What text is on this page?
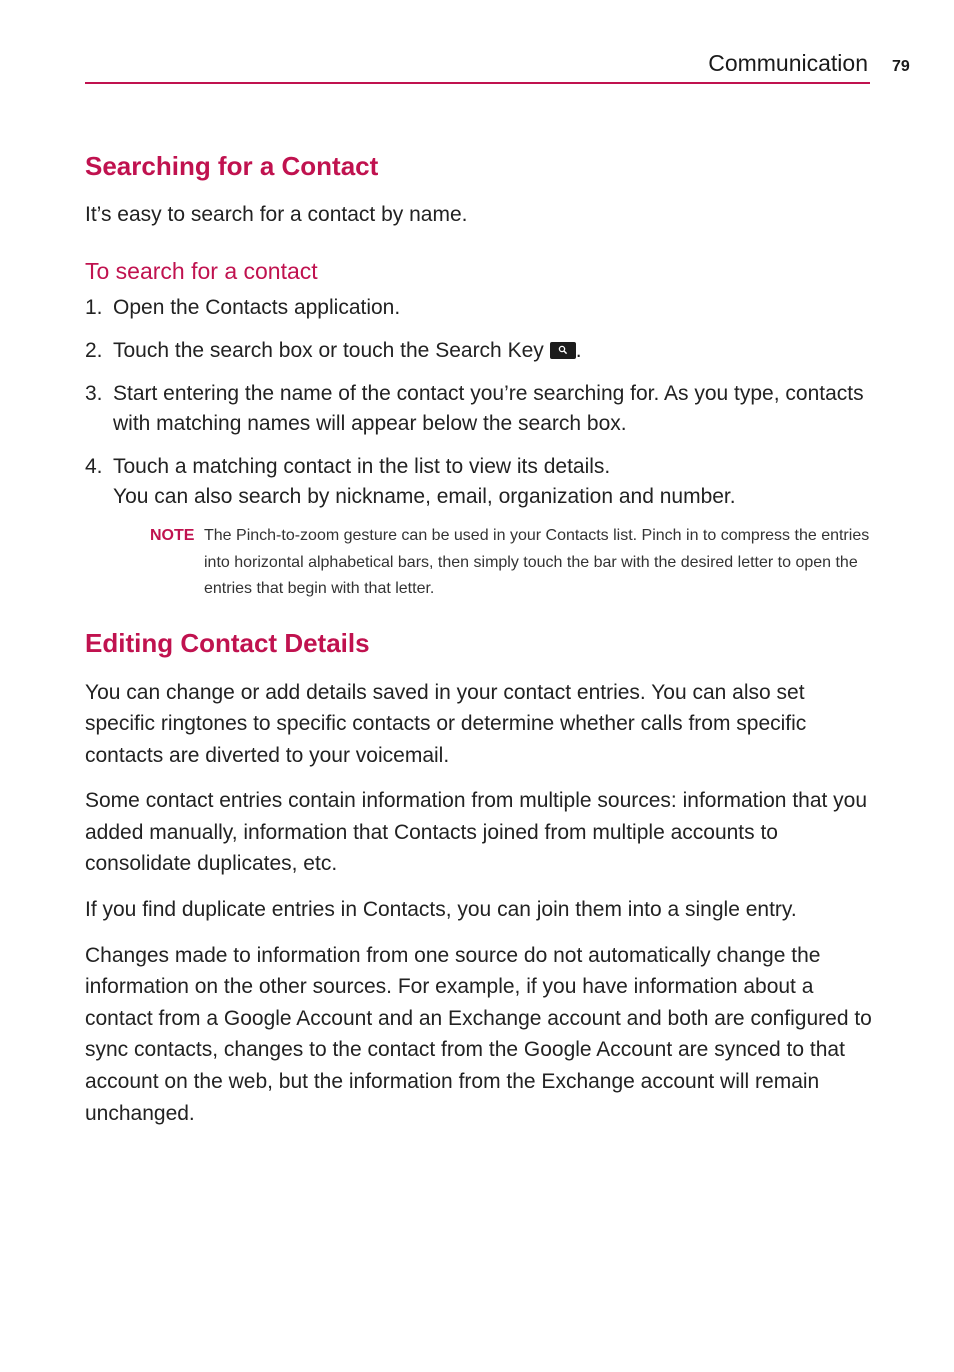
Communication 79
Searching for a Contact

It’s easy to search for a contact by name.

To search for a contact
1. Open the Contacts application.
2. Touch the search box or touch the Search Key .
3. Start entering the name of the contact you’re searching for. As you type, contacts with matching names will appear below the search box.
4. Touch a matching contact in the list to view its details.
You can also search by nickname, email, organization and number.
NOTE The Pinch-to-zoom gesture can be used in your Contacts list. Pinch in to compress the entries into horizontal alphabetical bars, then simply touch the bar with the desired letter to open the entries that begin with that letter.
Editing Contact Details

You can change or add details saved in your contact entries. You can also set specific ringtones to specific contacts or determine whether calls from specific contacts are diverted to your voicemail.

Some contact entries contain information from multiple sources: information that you added manually, information that Contacts joined from multiple accounts to consolidate duplicates, etc.

If you find duplicate entries in Contacts, you can join them into a single entry.

Changes made to information from one source do not automatically change the information on the other sources. For example, if you have information about a contact from a Google Account and an Exchange account and both are configured to sync contacts, changes to the contact from the Google Account are synced to that account on the web, but the information from the Exchange account will remain unchanged.
